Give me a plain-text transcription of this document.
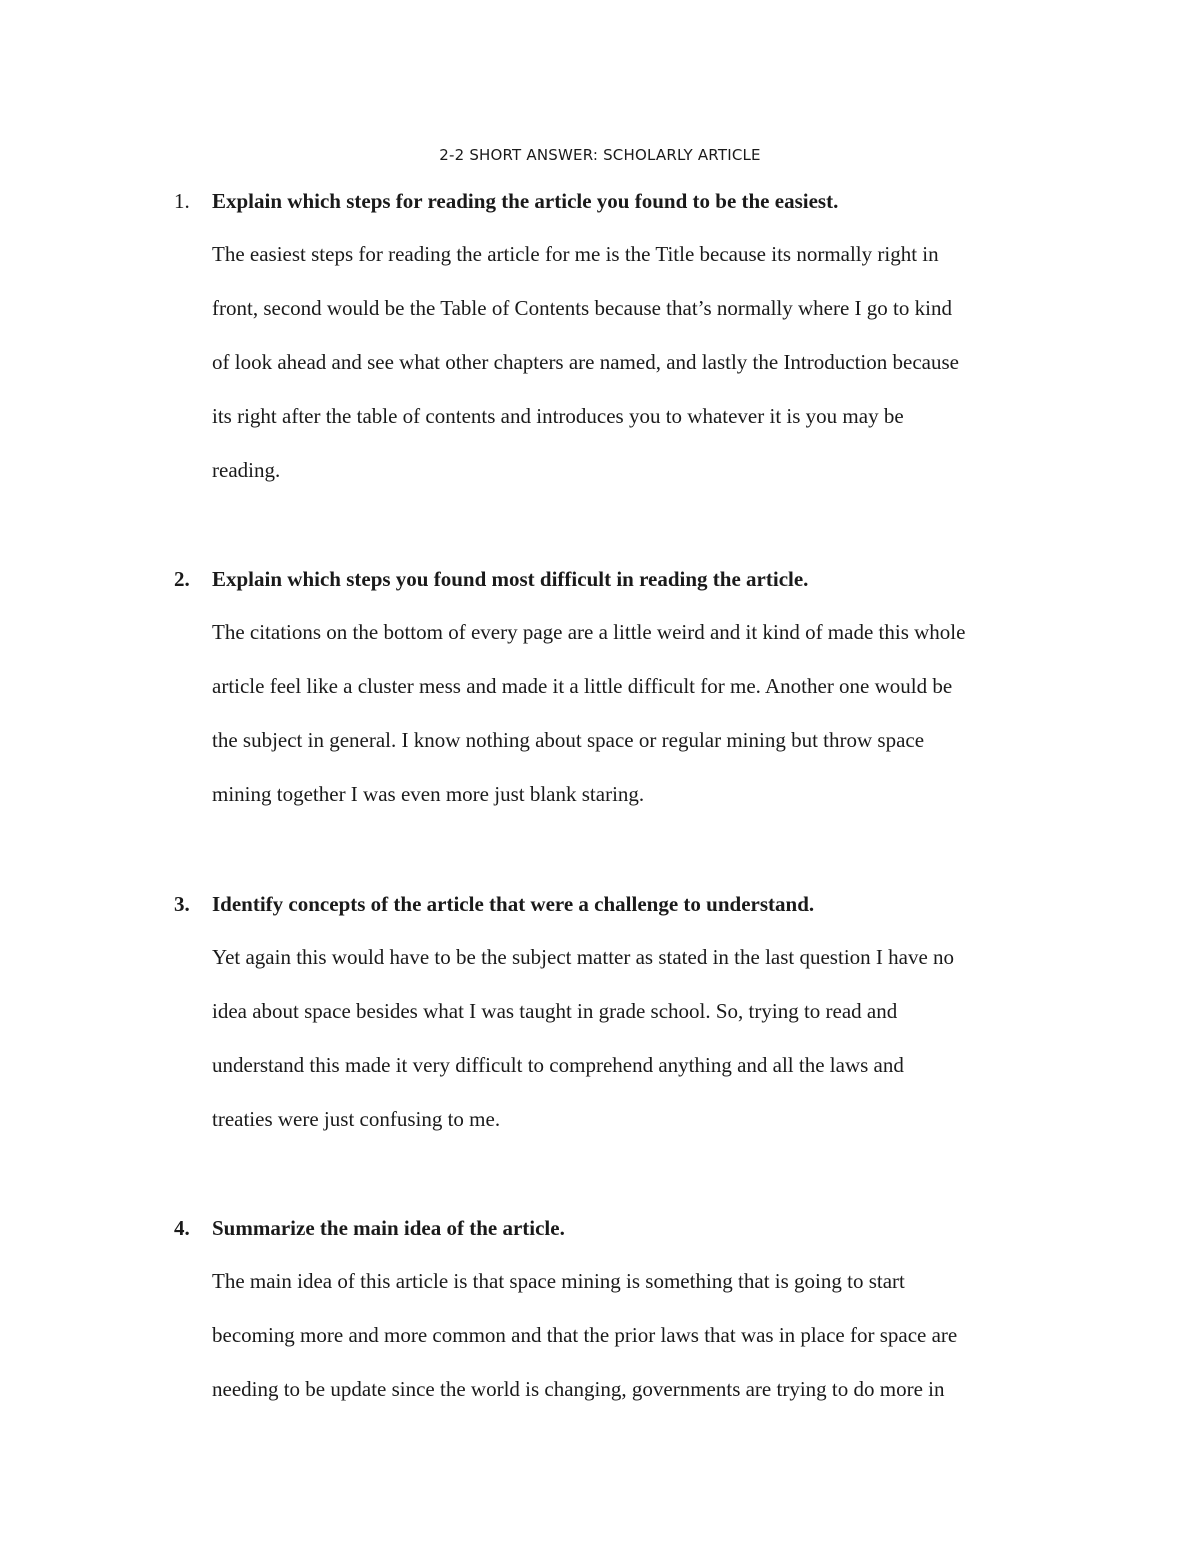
2-2 SHORT ANSWER: SCHOLARLY ARTICLE
1. Explain which steps for reading the article you found to be the easiest.
The easiest steps for reading the article for me is the Title because its normally right in
front, second would be the Table of Contents because that’s normally where I go to kind
of look ahead and see what other chapters are named, and lastly the Introduction because
its right after the table of contents and introduces you to whatever it is you may be
reading.
2. Explain which steps you found most difficult in reading the article.
The citations on the bottom of every page are a little weird and it kind of made this whole
article feel like a cluster mess and made it a little difficult for me. Another one would be
the subject in general. I know nothing about space or regular mining but throw space
mining together I was even more just blank staring.
3. Identify concepts of the article that were a challenge to understand.
Yet again this would have to be the subject matter as stated in the last question I have no
idea about space besides what I was taught in grade school. So, trying to read and
understand this made it very difficult to comprehend anything and all the laws and
treaties were just confusing to me.
4. Summarize the main idea of the article.
The main idea of this article is that space mining is something that is going to start
becoming more and more common and that the prior laws that was in place for space are
needing to be update since the world is changing, governments are trying to do more in
